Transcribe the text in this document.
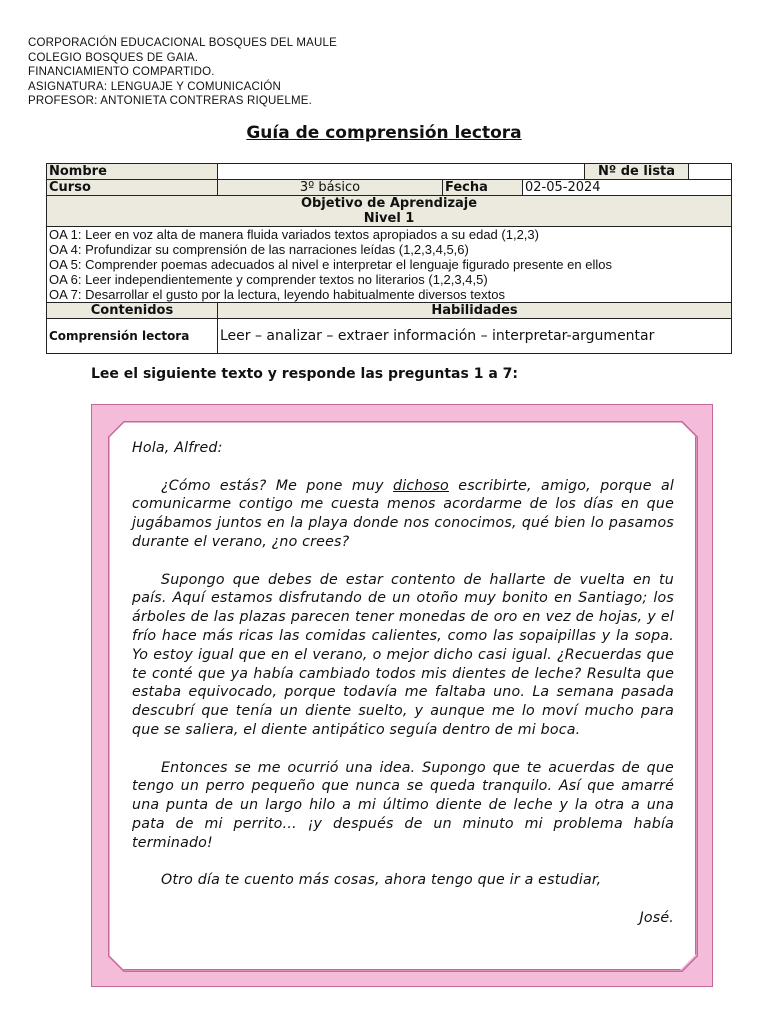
CORPORACIÓN EDUCACIONAL BOSQUES DEL MAULE
COLEGIO BOSQUES DE GAIA.
FINANCIAMIENTO COMPARTIDO.
ASIGNATURA: LENGUAJE Y COMUNICACIÓN
PROFESOR: ANTONIETA CONTRERAS RIQUELME.
Guía de comprensión lectora
Nombre				Nº de lista	
Curso	3º básico	Fecha	02-05-2024		

Objetivo de Aprendizaje
Nivel 1					

OA 1: Leer en voz alta de manera fluida variados textos apropiados a su edad (1,2,3)
OA 4: Profundizar su comprensión de las narraciones leídas (1,2,3,4,5,6)
OA 5: Comprender poemas adecuados al nivel e interpretar el lenguaje figurado presente en ellos
OA 6: Leer independientemente y comprender textos no literarios (1,2,3,4,5)
OA 7: Desarrollar el gusto por la lectura, leyendo habitualmente diversos textos					

Contenidos	Habilidades				
Comprensión lectora	Leer – analizar – extraer información – interpretar-argumentar				
Lee el siguiente texto y responde las preguntas 1 a 7:

Hola, Alfred:

¿Cómo estás? Me pone muy dichoso escribirte, amigo, porque al comunicarme contigo me cuesta menos acordarme de los días en que jugábamos juntos en la playa donde nos conocimos, qué bien lo pasamos durante el verano, ¿no crees?

Supongo que debes de estar contento de hallarte de vuelta en tu país. Aquí estamos disfrutando de un otoño muy bonito en Santiago; los árboles de las plazas parecen tener monedas de oro en vez de hojas, y el frío hace más ricas las comidas calientes, como las sopaipillas y la sopa. Yo estoy igual que en el verano, o mejor dicho casi igual. ¿Recuerdas que te conté que ya había cambiado todos mis dientes de leche? Resulta que estaba equivocado, porque todavía me faltaba uno. La semana pasada descubrí que tenía un diente suelto, y aunque me lo moví mucho para que se saliera, el diente antipático seguía dentro de mi boca.

Entonces se me ocurrió una idea. Supongo que te acuerdas de que tengo un perro pequeño que nunca se queda tranquilo. Así que amarré una punta de un largo hilo a mi último diente de leche y la otra a una pata de mi perrito… ¡y después de un minuto mi problema había terminado!

Otro día te cuento más cosas, ahora tengo que ir a estudiar,

José.
